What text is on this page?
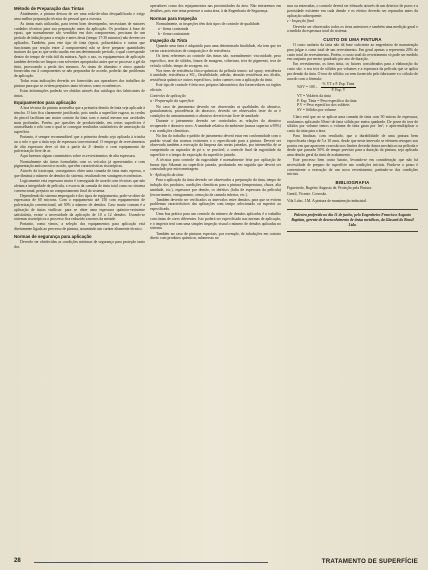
Método de Preparação das Tintas

Atualmente, a pintura deixou de ser uma roda-de-obra desqualificada e exige uma melhor preparação técnica do pessoal que a executa.

As tintas mais utilizadas, para terem bom desempenho, necessitam de maiores cuidados técnicos para sua preparação antes da aplicação. Os produtos à base de epoxi, que normalmente são vendidos em dois componentes, precisam de um período de indução para a reação e antes desta (tempo 17:30 minutos) não devem ser aplicados. Também, para este tipo de tinta (epoxi, poliuretânica e outras que funcionam por reação entre 2 componentes) não se deve preparar quantidades maiores do que as que serão usadas em um determinado período, o qual corresponde dentro do tempo de vida útil da mistura. Após o uso, os equipamentos de aplicação também deverão ser limpos com solventes apropriados antes que se processe a gel da tinta, provocando a perda dos mesmos. As tintas de alumínio e zinco quando fornecidas em 2 componentes se não preparadas de acordo, poderão dar problemas de aplicação.

Todas estas indicações deverão ser fornecidas aos operadores dos trabalhos de pintura para que se evitem prejuízos tanto técnicos como econômicos.

Estas informações poderão ser obtidas através das catálogos dos fabricantes de tintas.

Equipamentos para aplicação

A boa técnica da pintura aconselha que a primeira demão de tinta seja aplicada à trincha. O fato fica claramente justificado, pois sendo a superfície rugosa, as cerdas do pincel facilitam um maior contato da tinta com o metal mesmo nas cavidades mais profundas. Porém, por questões de produtividade, em certas superfícies é aconselhado o rolo com o qual se consegue resultados satisfatórios de umectação da superfície.

Portanto, é sempre recomendável que a primeira demão seja aplicada à trincha ou a rolo e que a tinta seja de espessura convencional. O emprego de revestimentos de alta espessura deve só dar a partir da 2ª demão e com equipamento de pulverização livre de ar.

Aqui faremos alguns comentários sobre os revestimentos de alta espessura.

Normalmente são tintas formuladas com os veículos já apresentados e com pigmentação anticorrosiva ou não, que têm características tixotrópicas.

Através da tixotropia, conseguimos obter uma camada de tinta mais espessa, o que diminui o número de demãos do sistema, resultando em vantagens econômicas.

Logicamente esta espessura maior é conseguida de acordo com técnicas que não afetam a integridade da película, e escorra da camada de tinta total como no sistema convencional, prejuízo no comportamento final do sistema.

Dependendo do sistema empregado e dos tipos de equipamento, pode-se obter de espessuras de 60 microns. Com o equipamento até 150 com equipamentos de pulverização convencional, até 50% o número de demãos. Caso muito comum é a aplicação de tintas vinílicas: para se obter uma espessura químico-resistente satisfatória, existe a necessidade da aplicação de 10 a 12 demãos. Usando-se sistemas tixotrópicos o processo fica reduzido a menos da metade.

Portanto, como vimos, a seleção dos equipamentos para aplicação está diretamente ligada ao processo de pintura, assumindo um caráter altamente técnico.

Normas de segurança para aplicação

Deverão ser obedecidas as condições mínimas de segurança para proteção tanto dos

operadores como dos equipamentos nas proximidades da área. Não entraremos em detalhes, pois este tema pertence a outra área, à da Engenharia de Segurança.

Normas para Inspeção

Normalmente, as inspeções têm dois tipos de controle de qualidade.

a - firma contratada

b - firma contratante

Inspeção da Tinta

Quando uma tinta é adquirida para uma determinada finalidade, ela tem que ter certas características de composição e de resistência.

Os itens referentes ao controle das tintas são, normalmente: viscosidade, peso específico, teor de sólidos, finura de moagem, cobertura, teor de pigmento, teor de veículo sólido, tempo de secagem, etc.

Nos itens de resistência físico-químicas da película temos: sol spray, resistência à umidade, resistência a SO₂, flexibilidade, adesão, abrasão resistência aos álcalis, resistência química e outros específicos, todos cuentes com a aplicação da tinta.

Este tipo de controle é feito nos próprios laboratórios dos fornecedores ou órgãos oficiais.

Controles de aplicação

a - Preparação da superfície

No caso de jateamento deverão ser observadas as qualidades do abrasivo, granulometria, procedência do abrasivo, deverão ser observados teste do ar e condições do armazenamento o abrasivo deverá estar livre de umidade.

Durante o jateamento deverão ser controlados as relações do abrasivo recuperado e abrasivo novo. A umidade relativa do ambiente (nunca superior a 85%) e as condições climáticas.

No fim do trabalho e padrão de jateamento deverá estar em conformidade com o padrão visual das normas existentes e o especificado para a pintura. Deverá ser observada também a execução da limpeza das areias jateadas, por intermédio de ar comprimido ou aspirador de pó e, se possível, o controle final da rugosidade da superfície e o tempo de exposição da superfície jateada.

A técnica para controle da rugosidade é normalmente feita por aplicação de barras tipo Sikomat na superfície jateada, produzindo em seguida que deverá ser controlado por micrometragem.

b - Aplicação da tinta

Para a aplicação da tinta deverão ser observados a preparação da tinta, tempo de indução dos produtos, condições climáticas para a pintura (temperatura, chuva, alta umidade, etc.), espessura por demão, os defeitos (falta de espessura da película) (escorrimento, enrugamento, remoção da camada inferior, etc.).

Também deverão ser verificados os intervalos entre demãos, para que se evitem problemas característicos das aplicações com tempo selecionado ou superior ao especificado.

Uma boa prática para um controle do número de demãos aplicadas é o trabalho com tintas de cores diferentes. Isto poderá ser especificado nas normas de aplicação, e o inspetor terá com uma simples inspeção visual o número de demãos aplicadas no sistema.

Também no caso de pinturas especiais, por exemplo, de tubulações em contato direto com produtos químicos, submersas no

mar ou enterradas, o controle deverá ser efetuado através de um detector de poros e a porosidade existente em cada demão e os efeitos deverão ser reparados antes da aplicação subsequente.

c - Inspeção final

Deverão ser observados todos os itens anteriores e também uma medição geral e a medida da espessura total do sistema.

CUSTO DE UMA PINTURA

O custo unitário da tinta não dá base suficiente ao engenheiro de manutenção para julgar o custo total de um revestimento. Em geral apenas a representa 20% do custo total do revestimento. Porém, o custo total do revestimento só pode ser medido em conjunto por metro quadrado por ano de duração.

Em revestimento, os itens tinta, os fatores considerados para a elaboração do custo são: o seu teor de sólidos por volumes e a espessura da película que se aplica por demão da tinta. O teor de sólidos ou vem fornecido pelo fabricante e o cálculo de acordo com a fórmula:

$\%SV = 100 - \frac{\text{\% VT x P. Esp. Tinta}}{\text{P. Esp. V}}$
VT = Voláteis da tinta
P. Esp. Tinta = Peso específico da tinta
P.V = Peso específico dos voláteis
SV = Sólidos por volume

Claro está que ao se aplicar uma camada de tinta com 50 micras de espessura, rotularmos aplicando 50cm³ de tinta sólida por metro quadrado. De posse do teor de sólidos por volume temos o volume de tinta gasta por 1m², e após-multiplicar o custo da tinta para a área.

Para finalizar, com resultado, que a durabilidade de uma pintura bem especificada chega de 5 a 10 anos, desde que neste intervalo se efetuem retoques nos pontos em que aparecem corrosão nos limites deverão danos mecânicos na película e desde que passado 50% de tempo previsto para a duração da pintura, seja aplicada uma demão geral da tinta de acabamento.

Este processo bem conto barato, levando-se em consideração que não há necessidade de preparo de superfície nas condições iniciais. Finda-se o prazo é conveniente a execução de um novo revestimento, partindo-se das condições iniciais.

BIBLIOGRAFIA

Figueiredo, Rogério Augusto de. Proteção pela Pintura.

Gentil, Vicente. Corrosão.

Vila Lobo, J.M. A pintura de manutenção industrial.

Palestra proferida no dia 11 de junho, pelo Engenheiro Francisco Augusto Baptista, gerente de desenvolvimento de tintas metálicas, da Glasurit do Brasil Ltda.
28	TRATAMENTO DE SUPERFÍCIE
